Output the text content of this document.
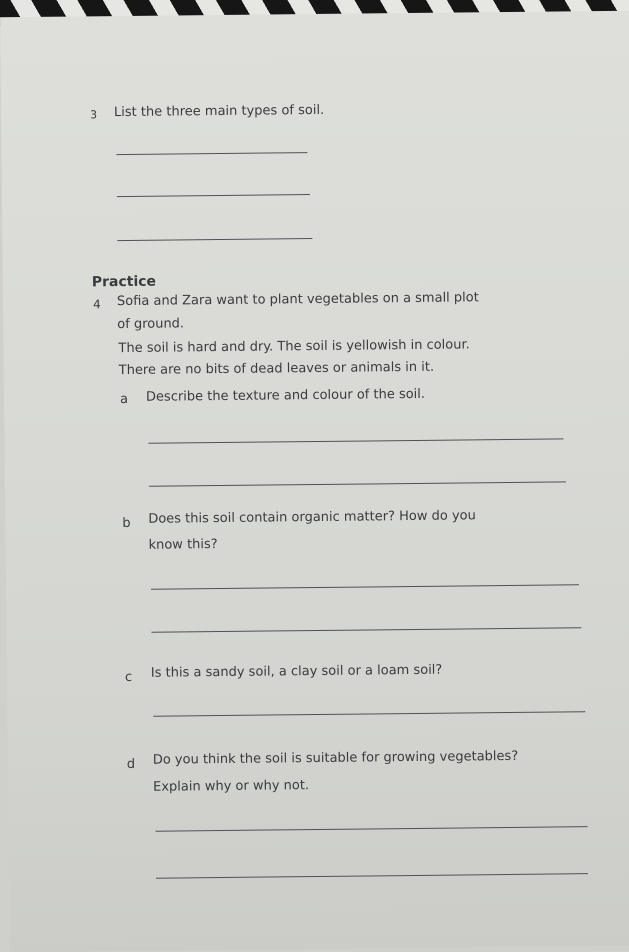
3 List the three main types of soil.
Practice
4 Sofia and Zara want to plant vegetables on a small plot
of ground.
The soil is hard and dry. The soil is yellowish in colour.
There are no bits of dead leaves or animals in it.
a Describe the texture and colour of the soil.
b Does this soil contain organic matter? How do you
know this?
c Is this a sandy soil, a clay soil or a loam soil?
d Do you think the soil is suitable for growing vegetables?
Explain why or why not.
